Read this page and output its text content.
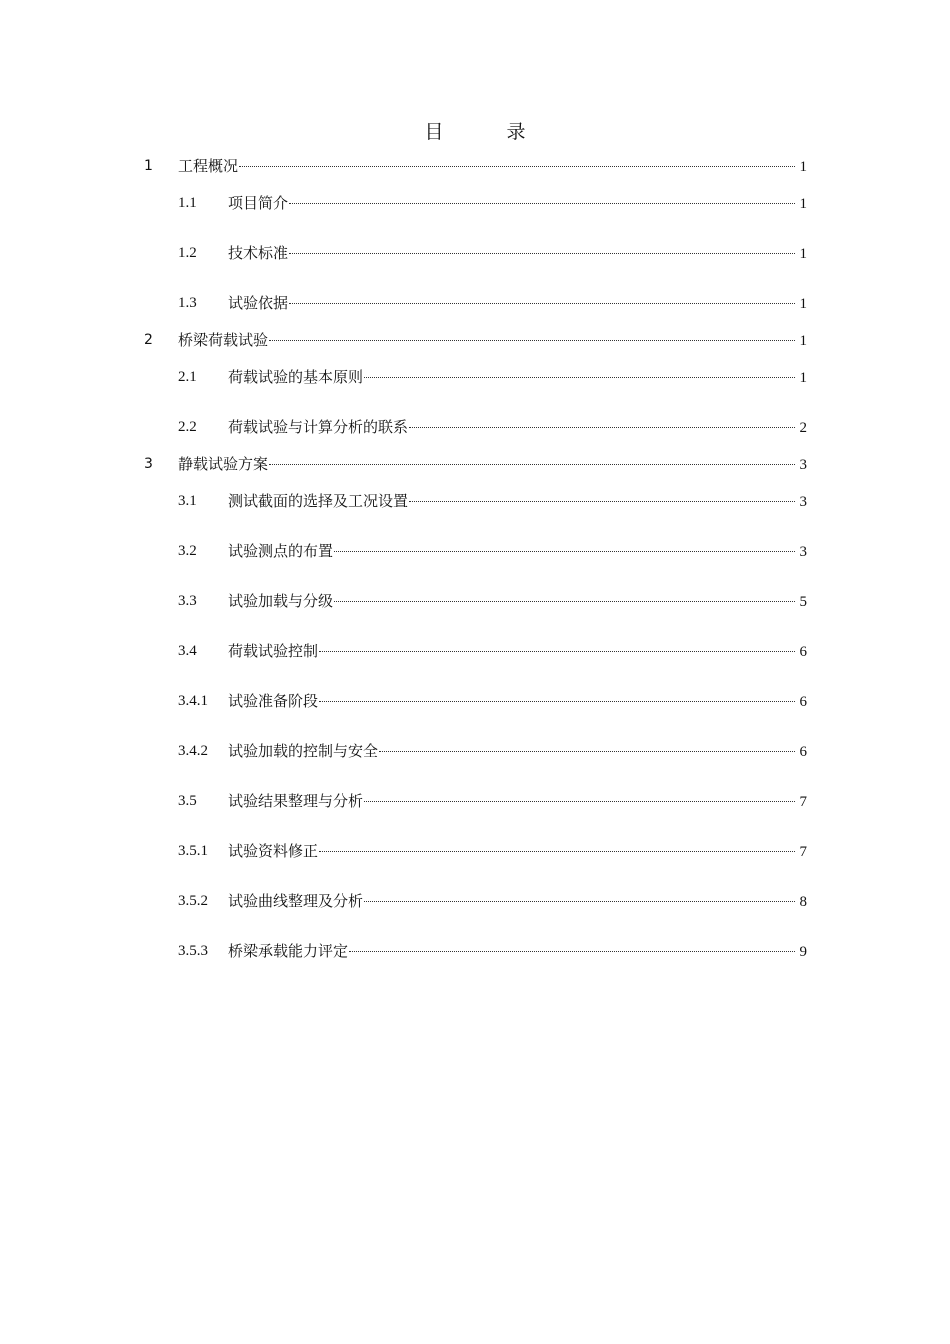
目　录
1 工程概况	1
1.1 项目简介	1
1.2 技术标准	1
1.3 试验依据	1
2 桥梁荷载试验	1
2.1 荷载试验的基本原则	1
2.2 荷载试验与计算分析的联系	2
3 静载试验方案	3
3.1 测试截面的选择及工况设置	3
3.2 试验测点的布置	3
3.3 试验加载与分级	5
3.4 荷载试验控制	6
3.4.1 试验准备阶段	6
3.4.2 试验加载的控制与安全	6
3.5 试验结果整理与分析	7
3.5.1 试验资料修正	7
3.5.2 试验曲线整理及分析	8
3.5.3 桥梁承载能力评定	9
